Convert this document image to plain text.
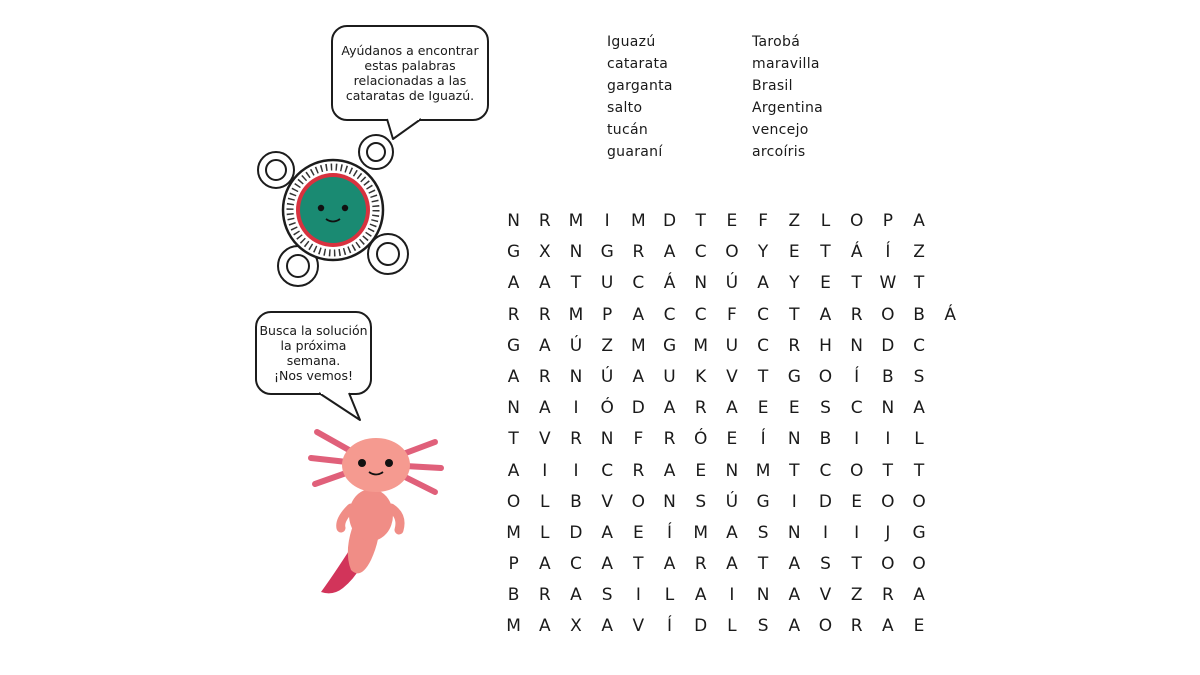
Ayúdanos a encontrar
estas palabras
relacionadas a las
cataratas de Iguazú.
Busca la solución
la próxima
semana.
¡Nos vemos!
Iguazú
catarata
garganta
salto
tucán
guaraní
Tarobá
maravilla
Brasil
Argentina
vencejo
arcoíris
N	R	M	I	M	D	T	E	F	Z	L	O	P	A
G	X	N	G	R	A	C	O	Y	E	T	Á	Í	Z
A	A	T	U	C	Á	N	Ú	A	Y	E	T	W	T
R	R	M	P	A	C	C	F	C	T	A	R	O	B	Á
G	A	Ú	Z	M	G	M	U	C	R	H	N	D	C
A	R	N	Ú	A	U	K	V	T	G	O	Í	B	S
N	A	I	Ó	D	A	R	A	E	E	S	C	N	A
T	V	R	N	F	R	Ó	E	Í	N	B	I	I	L
A	I	I	C	R	A	E	N	M	T	C	O	T	T
O	L	B	V	O	N	S	Ú	G	I	D	E	O	O
M	L	D	A	E	Í	M	A	S	N	I	I	J	G
P	A	C	A	T	A	R	A	T	A	S	T	O	O
B	R	A	S	I	L	A	I	N	A	V	Z	R	A
M	A	X	A	V	Í	D	L	S	A	O	R	A	E
